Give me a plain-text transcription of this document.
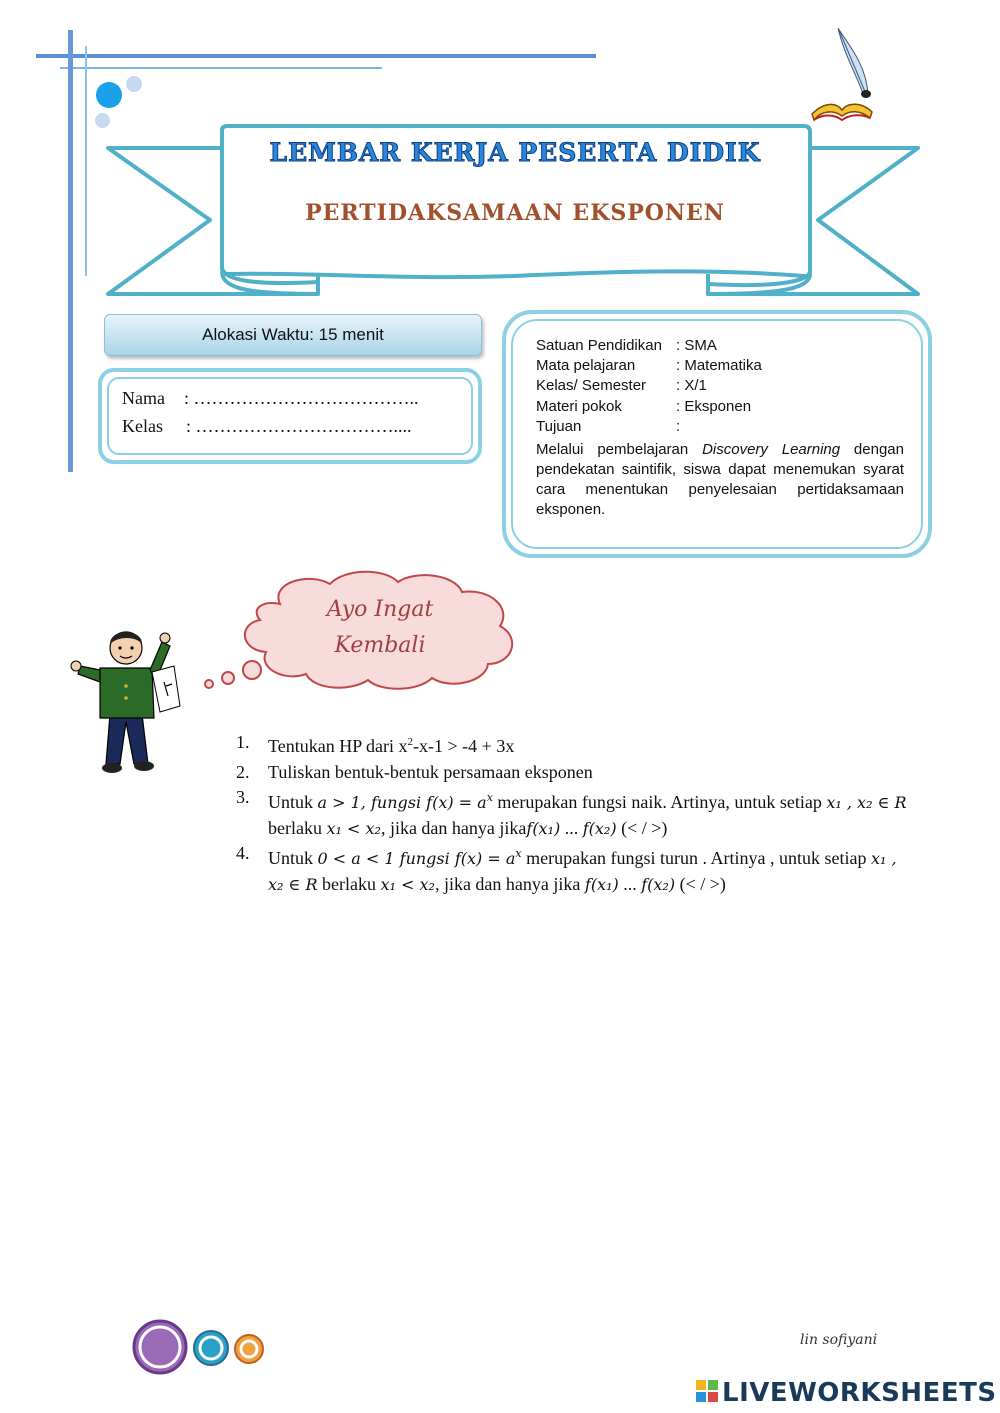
LEMBAR KERJA PESERTA DIDIK
PERTIDAKSAMAAN EKSPONEN
Alokasi Waktu: 15 menit
Nama : ………………………………..
Kelas : ……………………………....
Satuan Pendidikan : SMA
Mata pelajaran	: Matematika
Kelas/ Semester : X/1
Materi pokok	: Eksponen
Tujuan	:
Melalui pembelajaran Discovery Learning dengan pendekatan saintifik, siswa dapat menemukan syarat cara menentukan penyelesaian pertidaksamaan eksponen.
Ayo Ingat
Kembali
1. Tentukan HP dari $x^2-x-1 > -4 + 3x$
2. Tuliskan bentuk-bentuk persamaan eksponen
3. Untuk a > 1, fungsi $f(x) = a^x$ merupakan fungsi naik. Artinya, untuk setiap x₁ , x₂ ∈ R berlaku x₁ < x₂, jika dan hanya jikaf(x₁) ... f(x₂) (< / >)
4. Untuk 0 < a < 1 fungsi $f(x) = a^x$ merupakan fungsi turun . Artinya , untuk setiap x₁ , x₂ ∈ R berlaku x₁ < x₂, jika dan hanya jika f(x₁) ... f(x₂) (< / >)
lin sofiyani
LIVEWORKSHEETS
